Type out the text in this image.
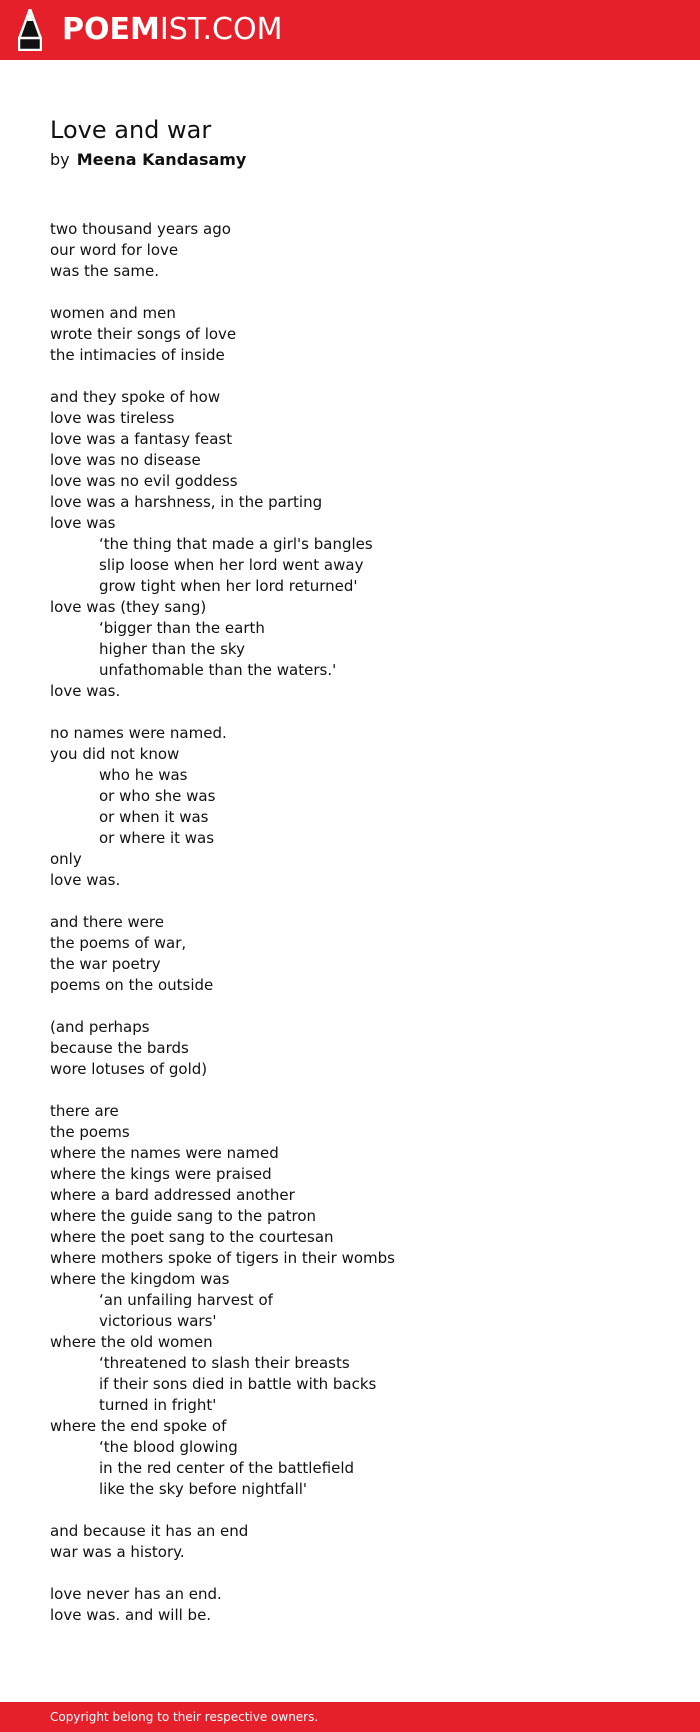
POEMIST.COM
Love and war

by Meena Kandasamy

two thousand years ago
our word for love
was the same.
women and men
wrote their songs of love
the intimacies of inside
and they spoke of how
love was tireless
love was a fantasy feast
love was no disease
love was no evil goddess
love was a harshness, in the parting
love was
‘the thing that made a girl's bangles
slip loose when her lord went away
grow tight when her lord returned'
love was (they sang)
‘bigger than the earth
higher than the sky
unfathomable than the waters.'
love was.
no names were named.
you did not know
who he was
or who she was
or when it was
or where it was
only
love was.
and there were
the poems of war,
the war poetry
poems on the outside
(and perhaps
because the bards
wore lotuses of gold)
there are
the poems
where the names were named
where the kings were praised
where a bard addressed another
where the guide sang to the patron
where the poet sang to the courtesan
where mothers spoke of tigers in their wombs
where the kingdom was
‘an unfailing harvest of
victorious wars'
where the old women
‘threatened to slash their breasts
if their sons died in battle with backs
turned in fright'
where the end spoke of
‘the blood glowing
in the red center of the battlefield
like the sky before nightfall'
and because it has an end
war was a history.
love never has an end.
love was. and will be.
Copyright belong to their respective owners.
